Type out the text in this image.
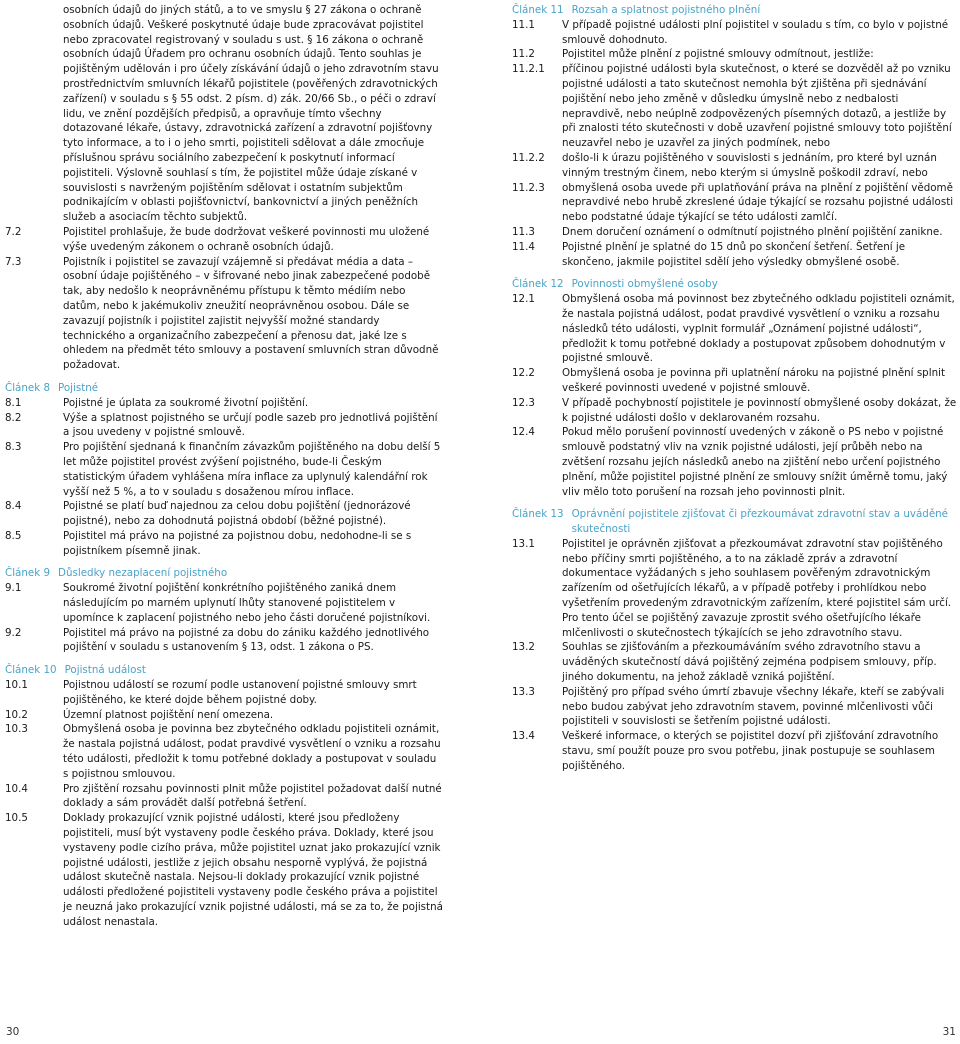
osobních údajů do jiných států, a to ve smyslu § 27 zákona o ochraně osobních údajů. Veškeré poskytnuté údaje bude zpracovávat pojistitel nebo zpracovatel registrovaný v souladu s ust. § 16 zákona o ochraně osobních údajů Úřadem pro ochranu osobních údajů. Tento souhlas je pojištěným udělován i pro účely získávání údajů o jeho zdravotním stavu prostřednictvím smluvních lékařů pojistitele (pověřených zdravotnických zařízení) v souladu s § 55 odst. 2 písm. d) zák. 20/66 Sb., o péči o zdraví lidu, ve znění pozdějších předpisů, a opravňuje tímto všechny dotazované lékaře, ústavy, zdravotnická zařízení a zdravotní pojišťovny tyto informace, a to i o jeho smrti, pojistiteli sdělovat a dále zmocňuje příslušnou správu sociálního zabezpečení k poskytnutí informací pojistiteli. Výslovně souhlasí s tím, že pojistitel může údaje získané v souvislosti s navrženým pojištěním sdělovat i ostatním subjektům podnikajícím v oblasti pojišťovnictví, bankovnictví a jiných peněžních služeb a asociacím těchto subjektů.
7.2	Pojistitel prohlašuje, že bude dodržovat veškeré povinnosti mu uložené výše uvedeným zákonem o ochraně osobních údajů.
7.3	Pojistník i pojistitel se zavazují vzájemně si předávat média a data – osobní údaje pojištěného – v šifrované nebo jinak zabezpečené podobě tak, aby nedošlo k neoprávněnému přístupu k těmto médiím nebo datům, nebo k jakémukoliv zneužití neoprávněnou osobou. Dále se zavazují pojistník i pojistitel zajistit nejvyšší možné standardy technického a organizačního zabezpečení a přenosu dat, jaké lze s ohledem na předmět této smlouvy a postavení smluvních stran důvodně požadovat.
Článek 8 Pojistné
8.1	Pojistné je úplata za soukromé životní pojištění.
8.2	Výše a splatnost pojistného se určují podle sazeb pro jednotlivá pojištění a jsou uvedeny v pojistné smlouvě.
8.3	Pro pojištění sjednaná k finančním závazkům pojištěného na dobu delší 5 let může pojistitel provést zvýšení pojistného, bude-li Českým statistickým úřadem vyhlášena míra inflace za uplynulý kalendářní rok vyšší než 5 %, a to v souladu s dosaženou mírou inflace.
8.4	Pojistné se platí buď najednou za celou dobu pojištění (jednorázové pojistné), nebo za dohodnutá pojistná období (běžné pojistné).
8.5	Pojistitel má právo na pojistné za pojistnou dobu, nedohodne-li se s pojistníkem písemně jinak.
Článek 9 Důsledky nezaplacení pojistného
9.1	Soukromé životní pojištění konkrétního pojištěného zaniká dnem následujícím po marném uplynutí lhůty stanovené pojistitelem v upomínce k zaplacení pojistného nebo jeho části doručené pojistníkovi.
9.2	Pojistitel má právo na pojistné za dobu do zániku každého jednotlivého pojištění v souladu s ustanovením § 13, odst. 1 zákona o PS.
Článek 10 Pojistná událost
10.1	Pojistnou událostí se rozumí podle ustanovení pojistné smlouvy smrt pojištěného, ke které dojde během pojistné doby.
10.2	Územní platnost pojištění není omezena.
10.3	Obmyšlená osoba je povinna bez zbytečného odkladu pojistiteli oznámit, že nastala pojistná událost, podat pravdivé vysvětlení o vzniku a rozsahu této události, předložit k tomu potřebné doklady a postupovat v souladu s pojistnou smlouvou.
10.4	Pro zjištění rozsahu povinnosti plnit může pojistitel požadovat další nutné doklady a sám provádět další potřebná šetření.
10.5	Doklady prokazující vznik pojistné události, které jsou předloženy pojistiteli, musí být vystaveny podle českého práva. Doklady, které jsou vystaveny podle cizího práva, může pojistitel uznat jako prokazující vznik pojistné události, jestliže z jejich obsahu nesporně vyplývá, že pojistná událost skutečně nastala. Nejsou-li doklady prokazující vznik pojistné události předložené pojistiteli vystaveny podle českého práva a pojistitel je neuzná jako prokazující vznik pojistné události, má se za to, že pojistná událost nenastala.
Článek 11 Rozsah a splatnost pojistného plnění
11.1	V případě pojistné události plní pojistitel v souladu s tím, co bylo v pojistné smlouvě dohodnuto.
11.2	Pojistitel může plnění z pojistné smlouvy odmítnout, jestliže:
11.2.1 příčinou pojistné události byla skutečnost, o které se dozvěděl až po vzniku pojistné události a tato skutečnost nemohla být zjištěna při sjednávání pojištění nebo jeho změně v důsledku úmyslně nebo z nedbalosti nepravdivě, nebo neúplně zodpovězených písemných dotazů, a jestliže by při znalosti této skutečnosti v době uzavření pojistné smlouvy toto pojištění neuzavřel nebo je uzavřel za jiných podmínek, nebo
11.2.2 došlo-li k úrazu pojištěného v souvislosti s jednáním, pro které byl uznán vinným trestným činem, nebo kterým si úmyslně poškodil zdraví, nebo
11.2.3 obmyšlená osoba uvede při uplatňování práva na plnění z pojištění vědomě nepravdivé nebo hrubě zkreslené údaje týkající se rozsahu pojistné události nebo podstatné údaje týkající se této události zamlčí.
11.3	Dnem doručení oznámení o odmítnutí pojistného plnění pojištění zanikne.
11.4	Pojistné plnění je splatné do 15 dnů po skončení šetření. Šetření je skončeno, jakmile pojistitel sdělí jeho výsledky obmyšlené osobě.
Článek 12 Povinnosti obmyšlené osoby
12.1	Obmyšlená osoba má povinnost bez zbytečného odkladu pojistiteli oznámit, že nastala pojistná událost, podat pravdivé vysvětlení o vzniku a rozsahu následků této události, vyplnit formulář „Oznámení pojistné události“, předložit k tomu potřebné doklady a postupovat způsobem dohodnutým v pojistné smlouvě.
12.2	Obmyšlená osoba je povinna při uplatnění nároku na pojistné plnění splnit veškeré povinnosti uvedené v pojistné smlouvě.
12.3	V případě pochybností pojistitele je povinností obmyšlené osoby dokázat, že k pojistné události došlo v deklarovaném rozsahu.
12.4	Pokud mělo porušení povinností uvedených v zákoně o PS nebo v pojistné smlouvě podstatný vliv na vznik pojistné události, její průběh nebo na zvětšení rozsahu jejích následků anebo na zjištění nebo určení pojistného plnění, může pojistitel pojistné plnění ze smlouvy snížit úměrně tomu, jaký vliv mělo toto porušení na rozsah jeho povinnosti plnit.
Článek 13 Oprávnění pojistitele zjišťovat či přezkoumávat zdravotní stav a uváděné skutečnosti
13.1	Pojistitel je oprávněn zjišťovat a přezkoumávat zdravotní stav pojištěného nebo příčiny smrti pojištěného, a to na základě zpráv a zdravotní dokumentace vyžádaných s jeho souhlasem pověřeným zdravotnickým zařízením od ošetřujících lékařů, a v případě potřeby i prohlídkou nebo vyšetřením provedeným zdravotnickým zařízením, které pojistitel sám určí. Pro tento účel se pojištěný zavazuje zprostit svého ošetřujícího lékaře mlčenlivosti o skutečnostech týkajících se jeho zdravotního stavu.
13.2	Souhlas se zjišťováním a přezkoumáváním svého zdravotního stavu a uváděných skutečností dává pojištěný zejména podpisem smlouvy, příp. jiného dokumentu, na jehož základě vzniká pojištění.
13.3	Pojištěný pro případ svého úmrtí zbavuje všechny lékaře, kteří se zabývali nebo budou zabývat jeho zdravotním stavem, povinné mlčenlivosti vůči pojistiteli v souvislosti se šetřením pojistné události.
13.4	Veškeré informace, o kterých se pojistitel dozví při zjišťování zdravotního stavu, smí použít pouze pro svou potřebu, jinak postupuje se souhlasem pojištěného.
30	31
